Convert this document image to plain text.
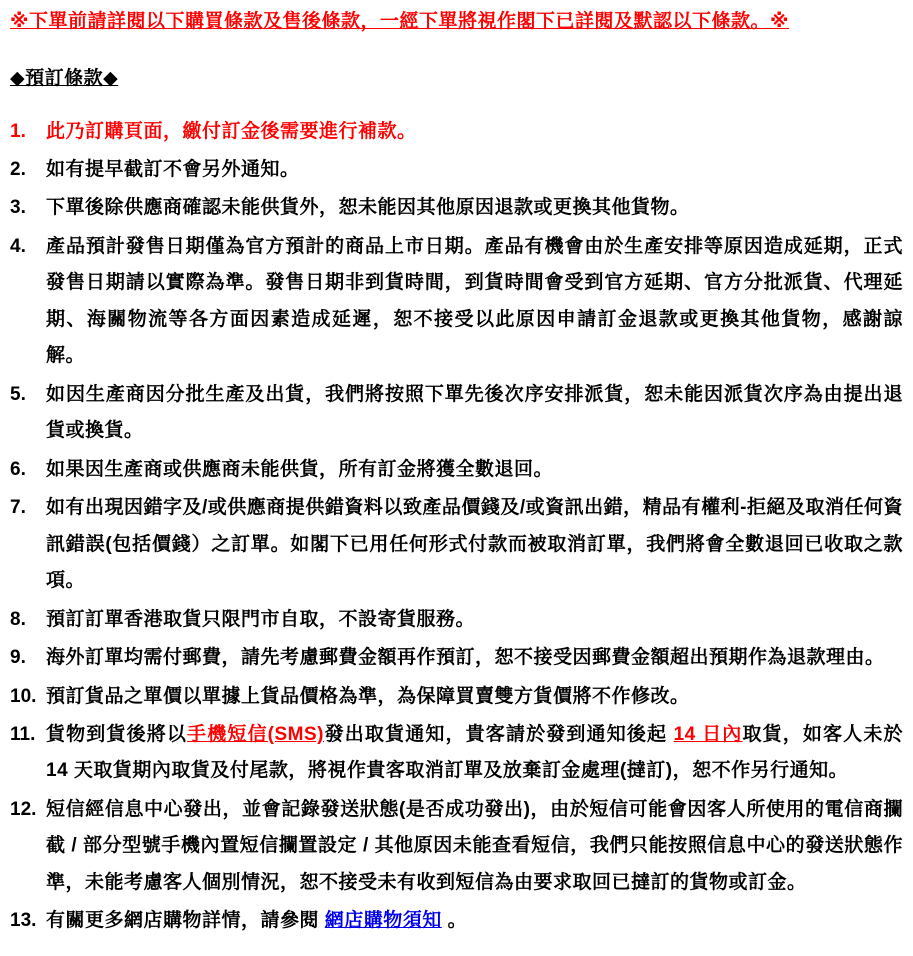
※下單前請詳閱以下購買條款及售後條款，一經下單將視作閣下已詳閱及默認以下條款。※
◆預訂條款◆
1.	此乃訂購頁面，繳付訂金後需要進行補款。
2.	如有提早截訂不會另外通知。
3.	下單後除供應商確認未能供貨外，恕未能因其他原因退款或更換其他貨物。
4.	產品預計發售日期僅為官方預計的商品上市日期。產品有機會由於生產安排等原因造成延期，正式發售日期請以實際為準。發售日期非到貨時間，到貨時間會受到官方延期、官方分批派貨、代理延期、海關物流等各方面因素造成延遲，恕不接受以此原因申請訂金退款或更換其他貨物，感謝諒解。
5.	如因生產商因分批生產及出貨，我們將按照下單先後次序安排派貨，恕未能因派貨次序為由提出退貨或換貨。
6.	如果因生產商或供應商未能供貨，所有訂金將獲全數退回。
7.	如有出現因錯字及/或供應商提供錯資料以致產品價錢及/或資訊出錯，精品有權利-拒絕及取消任何資訊錯誤(包括價錢）之訂單。如閣下已用任何形式付款而被取消訂單，我們將會全數退回已收取之款項。
8.	預訂訂單香港取貨只限門市自取，不設寄貨服務。
9.	海外訂單均需付郵費，請先考慮郵費金額再作預訂，恕不接受因郵費金額超出預期作為退款理由。
10. 預訂貨品之單價以單據上貨品價格為準，為保障買賣雙方貨價將不作修改。
11. 貨物到貨後將以手機短信(SMS)發出取貨通知，貴客請於發到通知後起 14 日內取貨，如客人未於 14 天取貨期內取貨及付尾款，將視作貴客取消訂單及放棄訂金處理(撻訂)，恕不作另行通知。
12. 短信經信息中心發出，並會記錄發送狀態(是否成功發出)，由於短信可能會因客人所使用的電信商攔截 / 部分型號手機內置短信攔置設定 / 其他原因未能查看短信，我們只能按照信息中心的發送狀態作準，未能考慮客人個別情況，恕不接受未有收到短信為由要求取回已撻訂的貨物或訂金。
13. 有關更多網店購物詳情，請參閱 網店購物須知 。
